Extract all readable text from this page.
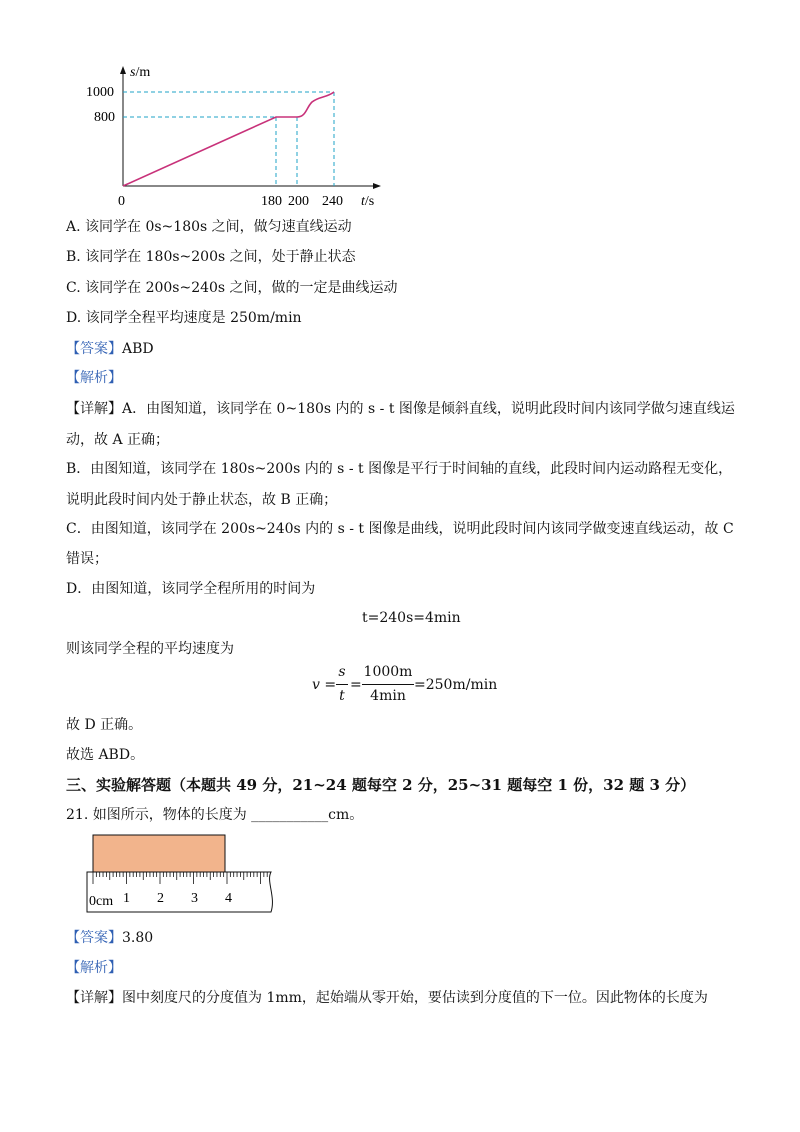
s/m
t/s
0
1000
800
180 200 240
A. 该同学在 0s~180s 之间，做匀速直线运动
B. 该同学在 180s~200s 之间，处于静止状态
C. 该同学在 200s~240s 之间，做的一定是曲线运动
D. 该同学全程平均速度是 250m/min
【答案】ABD
【解析】
【详解】A．由图知道，该同学在 0~180s 内的 s - t 图像是倾斜直线，说明此段时间内该同学做匀速直线运
动，故 A 正确；
B．由图知道，该同学在 180s~200s 内的 s - t 图像是平行于时间轴的直线，此段时间内运动路程无变化，
说明此段时间内处于静止状态，故 B 正确；
C．由图知道，该同学在 200s~240s 内的 s - t 图像是曲线，说明此段时间内该同学做变速直线运动，故 C
错误；
D．由图知道，该同学全程所用的时间为
t=240s=4min
则该同学全程的平均速度为
v =
s
t
=
1000m
4min
=250m/min
故 D 正确。
故选 ABD。
三、实验解答题（本题共 49 分，21~24 题每空 2 分，25~31 题每空 1 份，32 题 3 分）
21. 如图所示，物体的长度为 ___________cm。
0cm 1 2 3 4
【答案】3.80
【解析】
【详解】图中刻度尺的分度值为 1mm，起始端从零开始，要估读到分度值的下一位。因此物体的长度为
